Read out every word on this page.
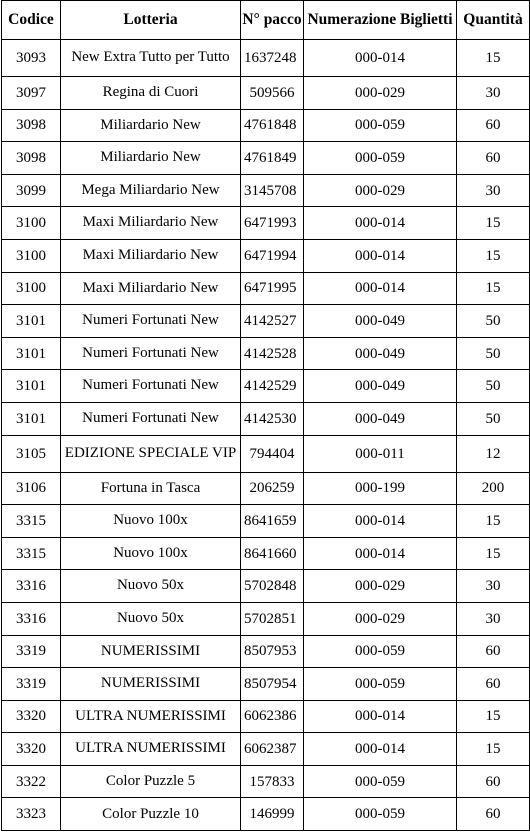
Codice	Lotteria	N° pacco	Numerazione Biglietti	Quantità
3093	New Extra Tutto per Tutto	1637248	000-014	15
3097	Regina di Cuori	509566	000-029	30
3098	Miliardario New	4761848	000-059	60
3098	Miliardario New	4761849	000-059	60
3099	Mega Miliardario New	3145708	000-029	30
3100	Maxi Miliardario New	6471993	000-014	15
3100	Maxi Miliardario New	6471994	000-014	15
3100	Maxi Miliardario New	6471995	000-014	15
3101	Numeri Fortunati New	4142527	000-049	50
3101	Numeri Fortunati New	4142528	000-049	50
3101	Numeri Fortunati New	4142529	000-049	50
3101	Numeri Fortunati New	4142530	000-049	50
3105	EDIZIONE SPECIALE VIP	794404	000-011	12
3106	Fortuna in Tasca	206259	000-199	200
3315	Nuovo 100x	8641659	000-014	15
3315	Nuovo 100x	8641660	000-014	15
3316	Nuovo 50x	5702848	000-029	30
3316	Nuovo 50x	5702851	000-029	30
3319	NUMERISSIMI	8507953	000-059	60
3319	NUMERISSIMI	8507954	000-059	60
3320	ULTRA NUMERISSIMI	6062386	000-014	15
3320	ULTRA NUMERISSIMI	6062387	000-014	15
3322	Color Puzzle 5	157833	000-059	60
3323	Color Puzzle 10	146999	000-059	60
